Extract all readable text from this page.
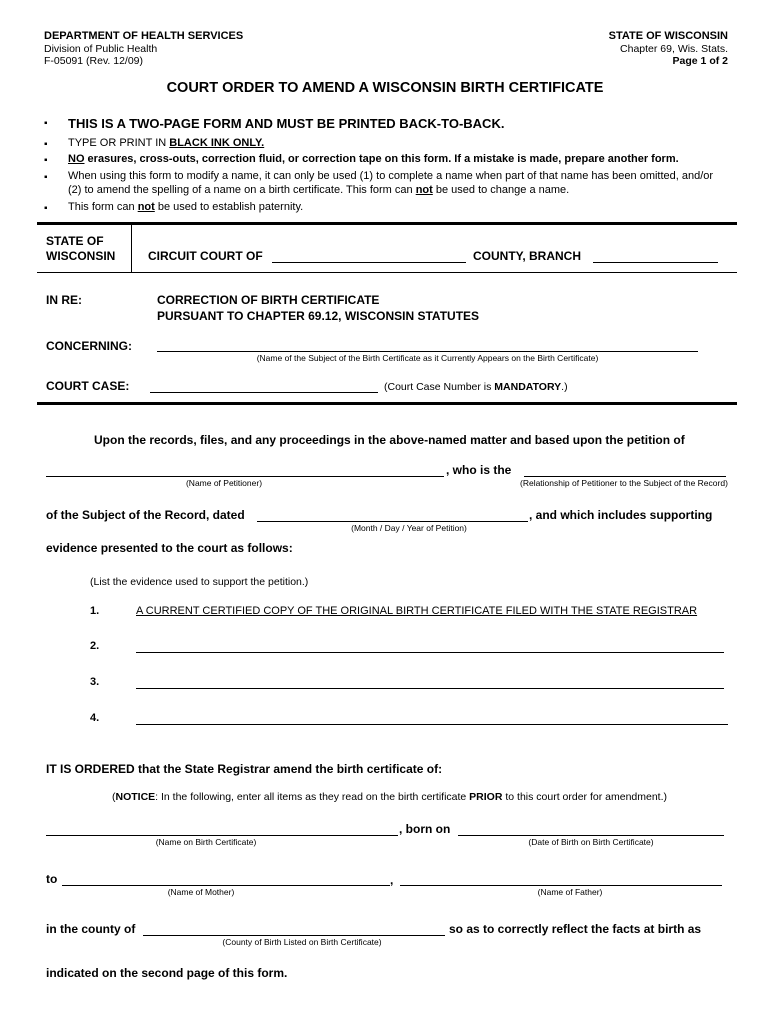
DEPARTMENT OF HEALTH SERVICES
Division of Public Health
F-05091 (Rev. 12/09)
STATE OF WISCONSIN
Chapter 69, Wis. Stats.
Page 1 of 2
COURT ORDER TO AMEND A WISCONSIN BIRTH CERTIFICATE
▪ THIS IS A TWO-PAGE FORM AND MUST BE PRINTED BACK-TO-BACK.
▪ TYPE OR PRINT IN BLACK INK ONLY.
▪ NO erasures, cross-outs, correction fluid, or correction tape on this form. If a mistake is made, prepare another form.
▪ When using this form to modify a name, it can only be used (1) to complete a name when part of that name has been omitted, and/or
(2) to amend the spelling of a name on a birth certificate. This form can not be used to change a name.
▪ This form can not be used to establish paternity.
STATE OF
WISCONSIN	CIRCUIT COURT OF	COUNTY, BRANCH
IN RE:	CORRECTION OF BIRTH CERTIFICATE
PURSUANT TO CHAPTER 69.12, WISCONSIN STATUTES
CONCERNING:
(Name of the Subject of the Birth Certificate as it Currently Appears on the Birth Certificate)
COURT CASE:	(Court Case Number is MANDATORY.)
Upon the records, files, and any proceedings in the above-named matter and based upon the petition of
, who is the
(Name of Petitioner)	(Relationship of Petitioner to the Subject of the Record)
of the Subject of the Record, dated	, and which includes supporting
(Month / Day / Year of Petition)
evidence presented to the court as follows:
(List the evidence used to support the petition.)
1.	A CURRENT CERTIFIED COPY OF THE ORIGINAL BIRTH CERTIFICATE FILED WITH THE STATE REGISTRAR
2.
3.
4.
IT IS ORDERED that the State Registrar amend the birth certificate of:
(NOTICE: In the following, enter all items as they read on the birth certificate PRIOR to this court order for amendment.)
, born on
(Name on Birth Certificate)	(Date of Birth on Birth Certificate)
to	,
(Name of Mother)	(Name of Father)
in the county of	so as to correctly reflect the facts at birth as
(County of Birth Listed on Birth Certificate)
indicated on the second page of this form.
